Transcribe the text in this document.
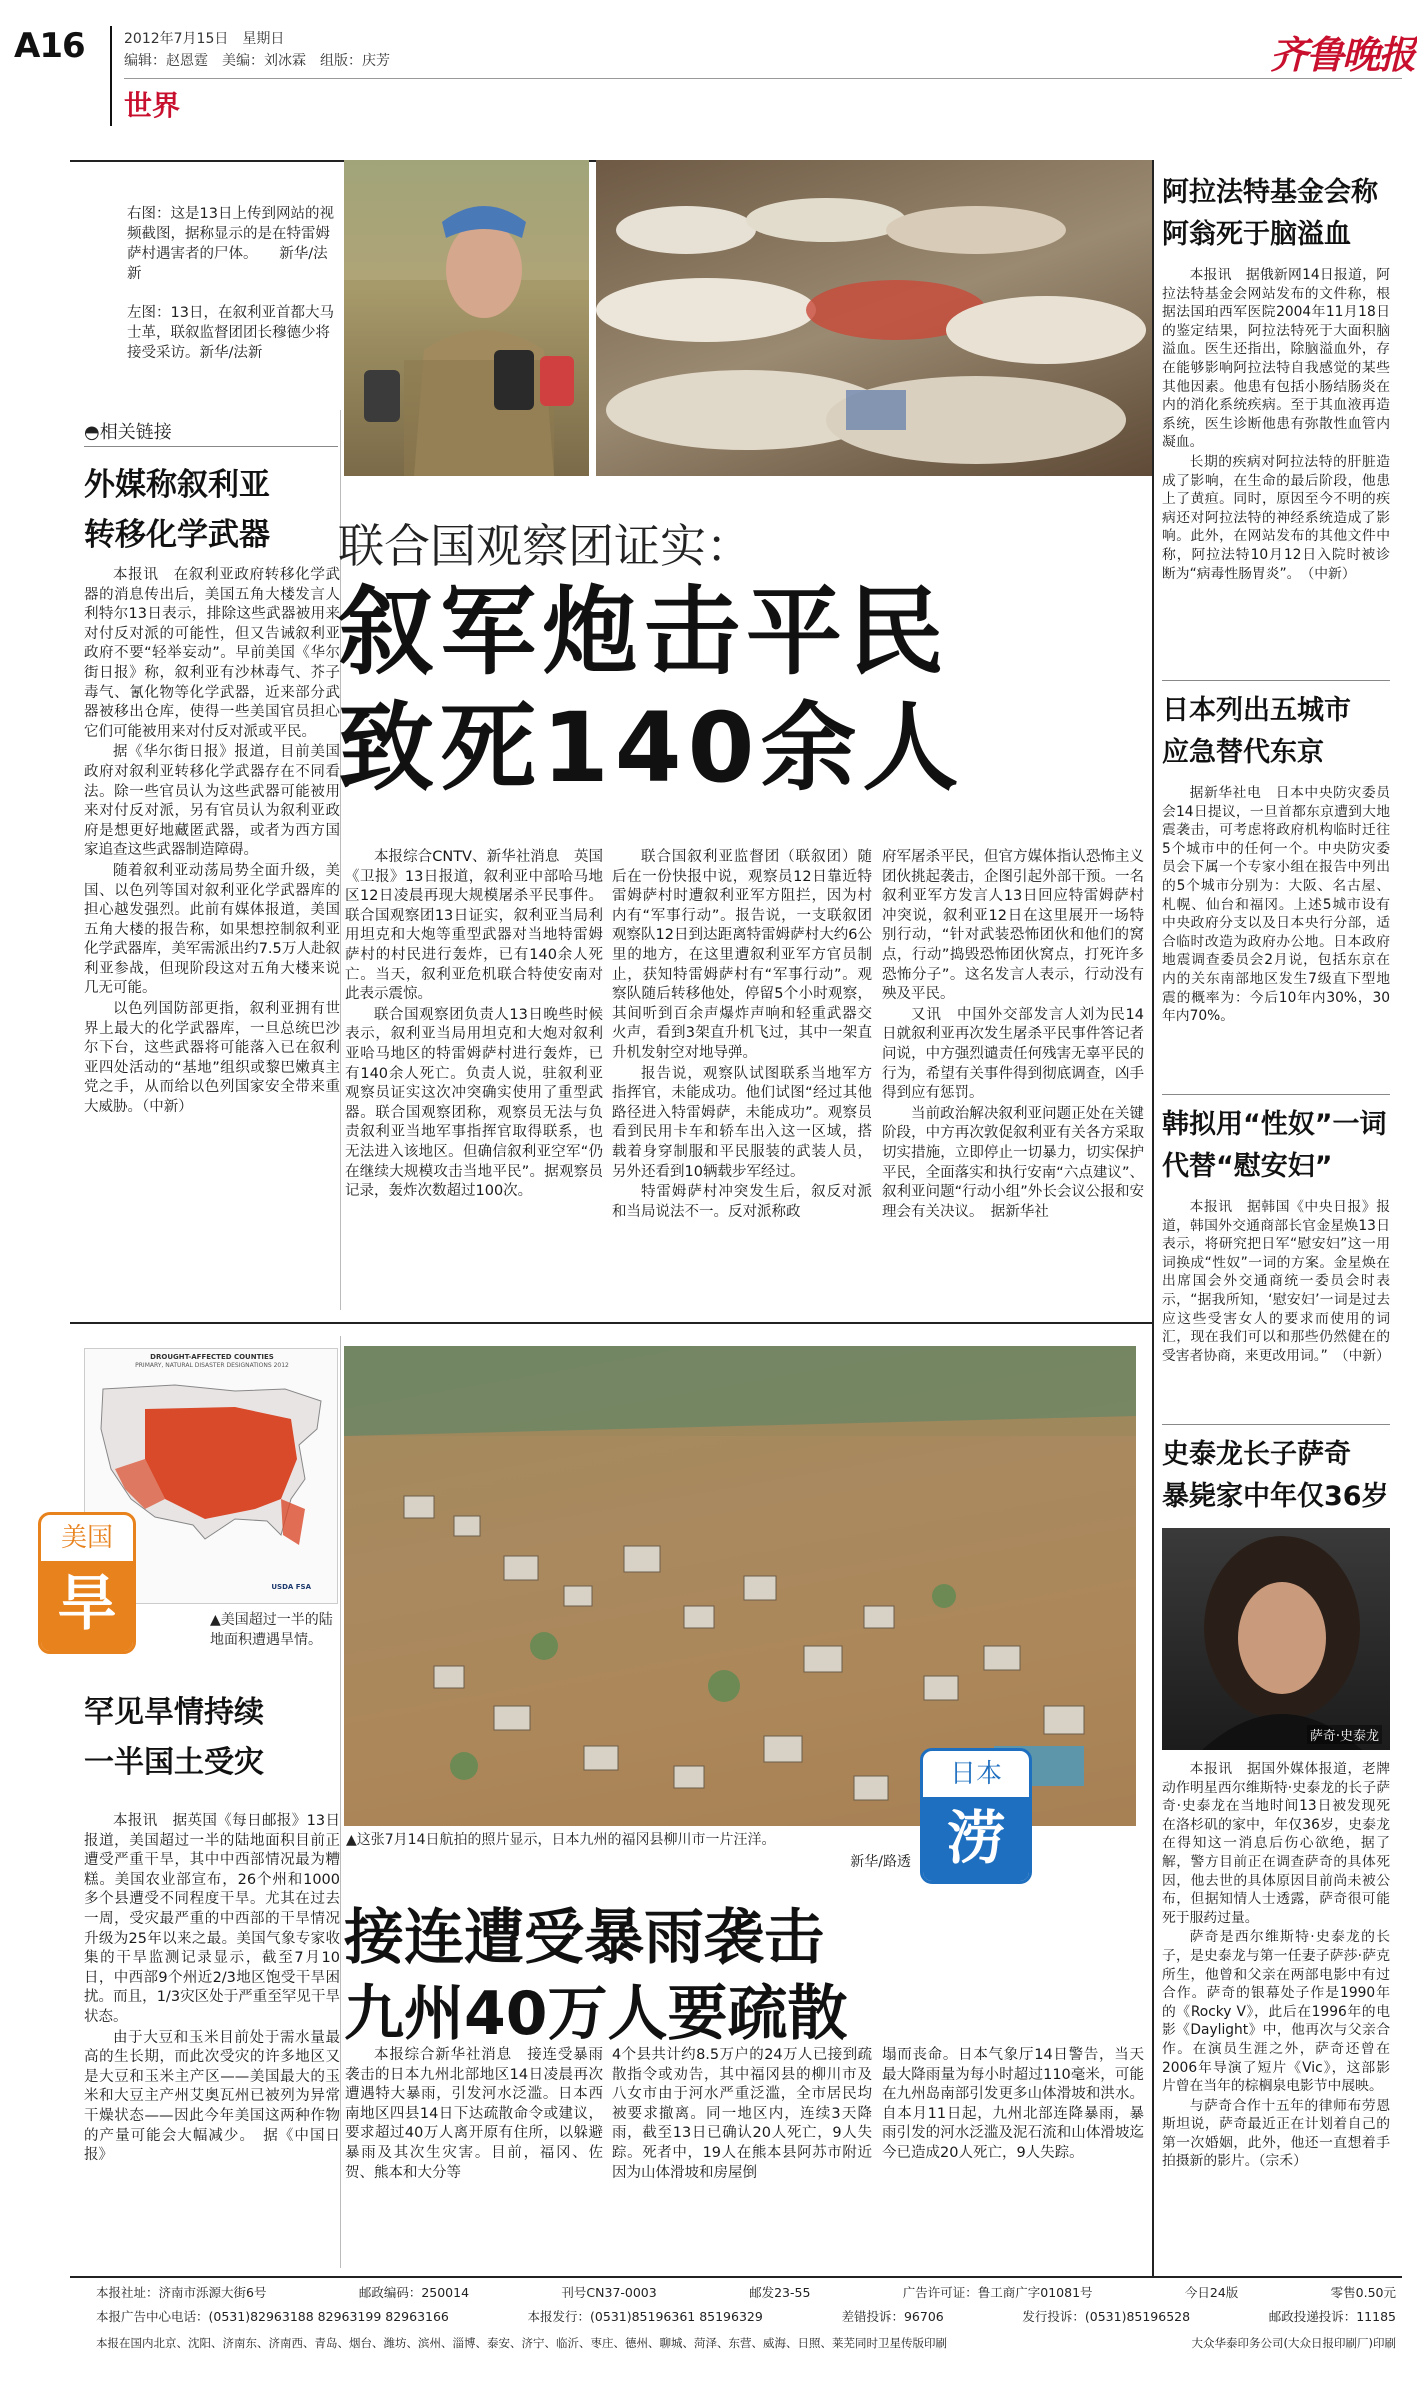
A16	2012年7月15日　星期日
编辑：赵恩霆　美编：刘冰霖　组版：庆芳
世界
齐鲁晚报
右图：这是13日上传到网站的视频截图，据称显示的是在特雷姆萨村遇害者的尸体。　　新华/法新
左图：13日，在叙利亚首都大马士革，联叙监督团团长穆德少将接受采访。新华/法新
◓相关链接
外媒称叙利亚
转移化学武器

本报讯　在叙利亚政府转移化学武器的消息传出后，美国五角大楼发言人利特尔13日表示，排除这些武器被用来对付反对派的可能性，但又告诫叙利亚政府不要“轻举妄动”。早前美国《华尔街日报》称，叙利亚有沙林毒气、芥子毒气、氰化物等化学武器，近来部分武器被移出仓库，使得一些美国官员担心它们可能被用来对付反对派或平民。

据《华尔街日报》报道，目前美国政府对叙利亚转移化学武器存在不同看法。除一些官员认为这些武器可能被用来对付反对派，另有官员认为叙利亚政府是想更好地藏匿武器，或者为西方国家追查这些武器制造障碍。

随着叙利亚动荡局势全面升级，美国、以色列等国对叙利亚化学武器库的担心越发强烈。此前有媒体报道，美国五角大楼的报告称，如果想控制叙利亚化学武器库，美军需派出约7.5万人赴叙利亚参战，但现阶段这对五角大楼来说几无可能。

以色列国防部更指，叙利亚拥有世界上最大的化学武器库，一旦总统巴沙尔下台，这些武器将可能落入已在叙利亚四处活动的“基地”组织或黎巴嫩真主党之手，从而给以色列国家安全带来重大威胁。（中新）

联合国观察团证实：
叙军炮击平民
致死140余人

本报综合CNTV、新华社消息　英国《卫报》13日报道，叙利亚中部哈马地区12日凌晨再现大规模屠杀平民事件。联合国观察团13日证实，叙利亚当局利用坦克和大炮等重型武器对当地特雷姆萨村的村民进行轰炸，已有140余人死亡。当天，叙利亚危机联合特使安南对此表示震惊。

联合国观察团负责人13日晚些时候表示，叙利亚当局用坦克和大炮对叙利亚哈马地区的特雷姆萨村进行轰炸，已有140余人死亡。负责人说，驻叙利亚观察员证实这次冲突确实使用了重型武器。联合国观察团称，观察员无法与负责叙利亚当地军事指挥官取得联系，也无法进入该地区。但确信叙利亚空军“仍在继续大规模攻击当地平民”。据观察员记录，轰炸次数超过100次。

联合国叙利亚监督团（联叙团）随后在一份快报中说，观察员12日靠近特雷姆萨村时遭叙利亚军方阻拦，因为村内有“军事行动”。报告说，一支联叙团观察队12日到达距离特雷姆萨村大约6公里的地方，在这里遭叙利亚军方官员制止，获知特雷姆萨村有“军事行动”。观察队随后转移他处，停留5个小时观察，其间听到百余声爆炸声响和轻重武器交火声，看到3架直升机飞过，其中一架直升机发射空对地导弹。

报告说，观察队试图联系当地军方指挥官，未能成功。他们试图“经过其他路径进入特雷姆萨，未能成功”。观察员看到民用卡车和轿车出入这一区域，搭载着身穿制服和平民服装的武装人员，另外还看到10辆载步军经过。

特雷姆萨村冲突发生后，叙反对派和当局说法不一。反对派称政

府军屠杀平民，但官方媒体指认恐怖主义团伙挑起袭击，企图引起外部干预。一名叙利亚军方发言人13日回应特雷姆萨村冲突说，叙利亚12日在这里展开一场特别行动，“针对武装恐怖团伙和他们的窝点，行动”捣毁恐怖团伙窝点，打死许多恐怖分子”。这名发言人表示，行动没有殃及平民。

又讯　中国外交部发言人刘为民14日就叙利亚再次发生屠杀平民事件答记者问说，中方强烈谴责任何残害无辜平民的行为，希望有关事件得到彻底调查，凶手得到应有惩罚。

当前政治解决叙利亚问题正处在关键阶段，中方再次敦促叙利亚有关各方采取切实措施，立即停止一切暴力，切实保护平民，全面落实和执行安南“六点建议”、叙利亚问题“行动小组”外长会议公报和安理会有关决议。　据新华社

DROUGHT-AFFECTED COUNTIES
PRIMARY, NATURAL DISASTER DESIGNATIONS 2012
USDA FSA
美国
旱	▲美国超过一半的陆地面积遭遇旱情。
罕见旱情持续
一半国土受灾

本报讯　据英国《每日邮报》13日报道，美国超过一半的陆地面积目前正遭受严重干旱，其中中西部情况最为糟糕。美国农业部宣布，26个州和1000多个县遭受不同程度干旱。尤其在过去一周，受灾最严重的中西部的干旱情况升级为25年以来之最。美国气象专家收集的干旱监测记录显示，截至7月10日，中西部9个州近2/3地区饱受干旱困扰。而且，1/3灾区处于严重至罕见干旱状态。

由于大豆和玉米目前处于需水量最高的生长期，而此次受灾的许多地区又是大豆和玉米主产区——美国最大的玉米和大豆主产州艾奥瓦州已被列为异常干燥状态——因此今年美国这两种作物的产量可能会大幅减少。　据《中国日报》

▲这张7月14日航拍的照片显示，日本九州的福冈县柳川市一片汪洋。
新华/路透
日本
涝
接连遭受暴雨袭击
九州40万人要疏散

本报综合新华社消息　接连受暴雨袭击的日本九州北部地区14日凌晨再次遭遇特大暴雨，引发河水泛滥。日本西南地区四县14日下达疏散命令或建议，要求超过40万人离开原有住所，以躲避暴雨及其次生灾害。目前，福冈、佐贺、熊本和大分等

4个县共计约8.5万户的24万人已接到疏散指令或劝告，其中福冈县的柳川市及八女市由于河水严重泛滥，全市居民均被要求撤离。同一地区内，连续3天降雨，截至13日已确认20人死亡，9人失踪。死者中，19人在熊本县阿苏市附近因为山体滑坡和房屋倒

塌而丧命。日本气象厅14日警告，当天最大降雨量为每小时超过110毫米，可能在九州岛南部引发更多山体滑坡和洪水。自本月11日起，九州北部连降暴雨，暴雨引发的河水泛滥及泥石流和山体滑坡迄今已造成20人死亡，9人失踪。

阿拉法特基金会称
阿翁死于脑溢血

本报讯　据俄新网14日报道，阿拉法特基金会网站发布的文件称，根据法国珀西军医院2004年11月18日的鉴定结果，阿拉法特死于大面积脑溢血。医生还指出，除脑溢血外，存在能够影响阿拉法特自我感觉的某些其他因素。他患有包括小肠结肠炎在内的消化系统疾病。至于其血液再造系统，医生诊断他患有弥散性血管内凝血。

长期的疾病对阿拉法特的肝脏造成了影响，在生命的最后阶段，他患上了黄疸。同时，原因至今不明的疾病还对阿拉法特的神经系统造成了影响。此外，在网站发布的其他文件中称，阿拉法特10月12日入院时被诊断为“病毒性肠胃炎”。　（中新）

日本列出五城市
应急替代东京

据新华社电　日本中央防灾委员会14日提议，一旦首都东京遭到大地震袭击，可考虑将政府机构临时迁往5个城市中的任何一个。中央防灾委员会下属一个专家小组在报告中列出的5个城市分别为：大阪、名古屋、札幌、仙台和福冈。上述5城市设有中央政府分支以及日本央行分部，适合临时改造为政府办公地。日本政府地震调查委员会2月说，包括东京在内的关东南部地区发生7级直下型地震的概率为：今后10年内30%，30年内70%。

韩拟用“性奴”一词
代替“慰安妇”

本报讯　据韩国《中央日报》报道，韩国外交通商部长官金星焕13日表示，将研究把日军“慰安妇”这一用词换成“性奴”一词的方案。金星焕在出席国会外交通商统一委员会时表示，“据我所知，‘慰安妇’一词是过去应这些受害女人的要求而使用的词汇，现在我们可以和那些仍然健在的受害者协商，来更改用词。”　（中新）

史泰龙长子萨奇
暴毙家中年仅36岁
萨奇·史泰龙

本报讯　据国外媒体报道，老牌动作明星西尔维斯特·史泰龙的长子萨奇·史泰龙在当地时间13日被发现死在洛杉矶的家中，年仅36岁，史泰龙在得知这一消息后伤心欲绝，据了解，警方目前正在调查萨奇的具体死因，他去世的具体原因目前尚未被公布，但据知情人士透露，萨奇很可能死于服药过量。

萨奇是西尔维斯特·史泰龙的长子，是史泰龙与第一任妻子萨莎·萨克所生，他曾和父亲在两部电影中有过合作。萨奇的银幕处子作是1990年的《Rocky V》，此后在1996年的电影《Daylight》中，他再次与父亲合作。在演员生涯之外，萨奇还曾在2006年导演了短片《Vic》，这部影片曾在当年的棕榈泉电影节中展映。

与萨奇合作十五年的律师布劳恩斯坦说，萨奇最近正在计划着自己的第一次婚姻，此外，他还一直想着手拍摄新的影片。（宗禾）

本报社址：济南市泺源大街6号	邮政编码：250014	刊号CN37-0003	邮发23-55	广告许可证：鲁工商广字01081号	今日24版	零售0.50元
本报广告中心电话：(0531)82963188 82963199 82963166	本报发行：(0531)85196361 85196329	差错投诉：96706	发行投诉：(0531)85196528	邮政投递投诉：11185
本报在国内北京、沈阳、济南东、济南西、青岛、烟台、潍坊、滨州、淄博、泰安、济宁、临沂、枣庄、德州、聊城、菏泽、东营、威海、日照、莱芜同时卫星传版印刷	大众华泰印务公司(大众日报印刷厂)印刷
